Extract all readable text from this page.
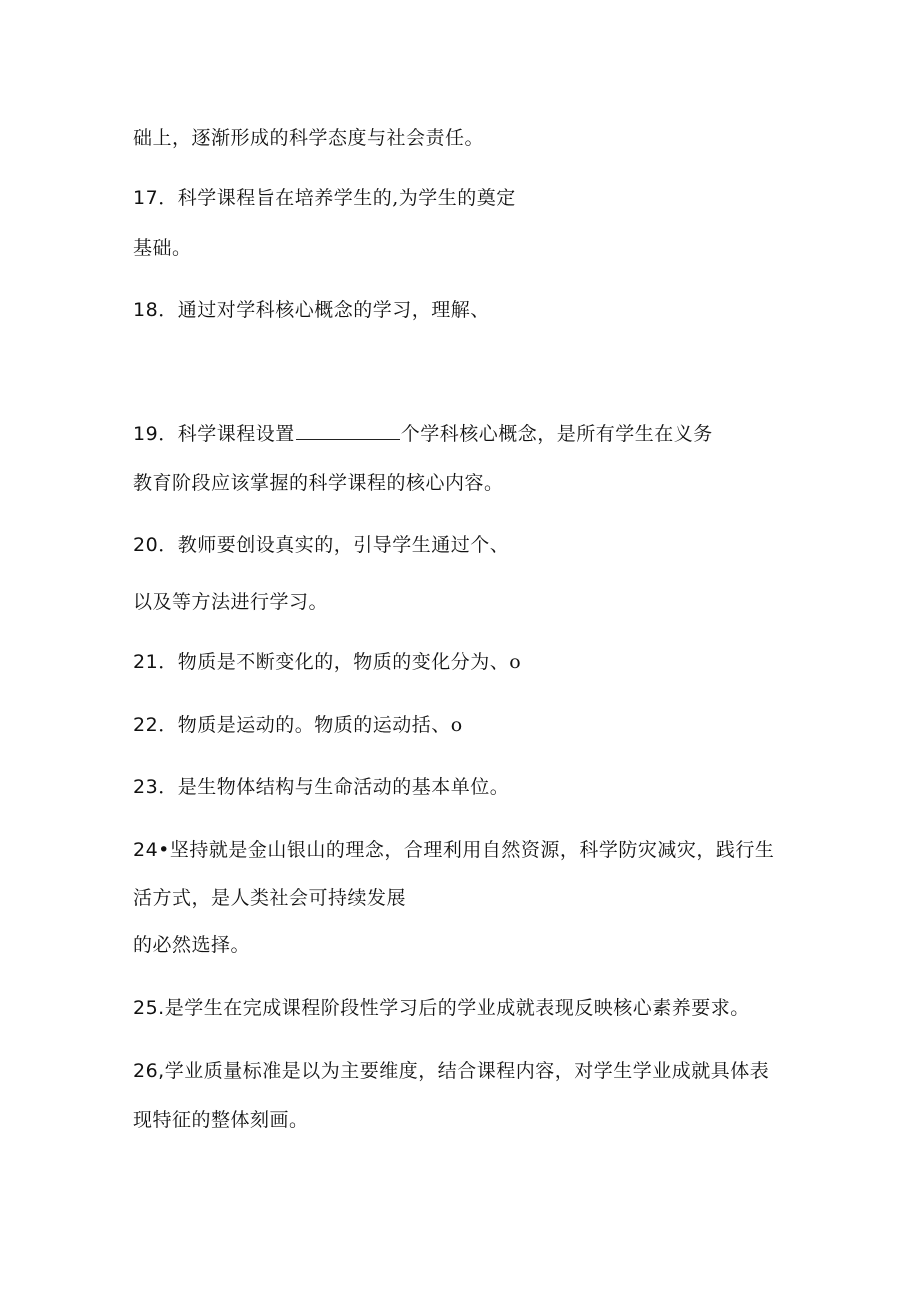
础上，逐渐形成的科学态度与社会责任。
17．科学课程旨在培养学生的,为学生的奠定
基础。
18．通过对学科核心概念的学习，理解、
19．科学课程设置	个学科核心概念，是所有学生在义务
教育阶段应该掌握的科学课程的核心内容。
20．教师要创设真实的，引导学生通过个、
以及等方法进行学习。
21．物质是不断变化的，物质的变化分为、o
22．物质是运动的。物质的运动括、o
23．是生物体结构与生命活动的基本单位。
24•坚持就是金山银山的理念，合理利用自然资源，科学防灾减灾，践行生
活方式，是人类社会可持续发展
的必然选择。
25.是学生在完成课程阶段性学习后的学业成就表现反映核心素养要求。
26,学业质量标准是以为主要维度，结合课程内容，对学生学业成就具体表
现特征的整体刻画。
